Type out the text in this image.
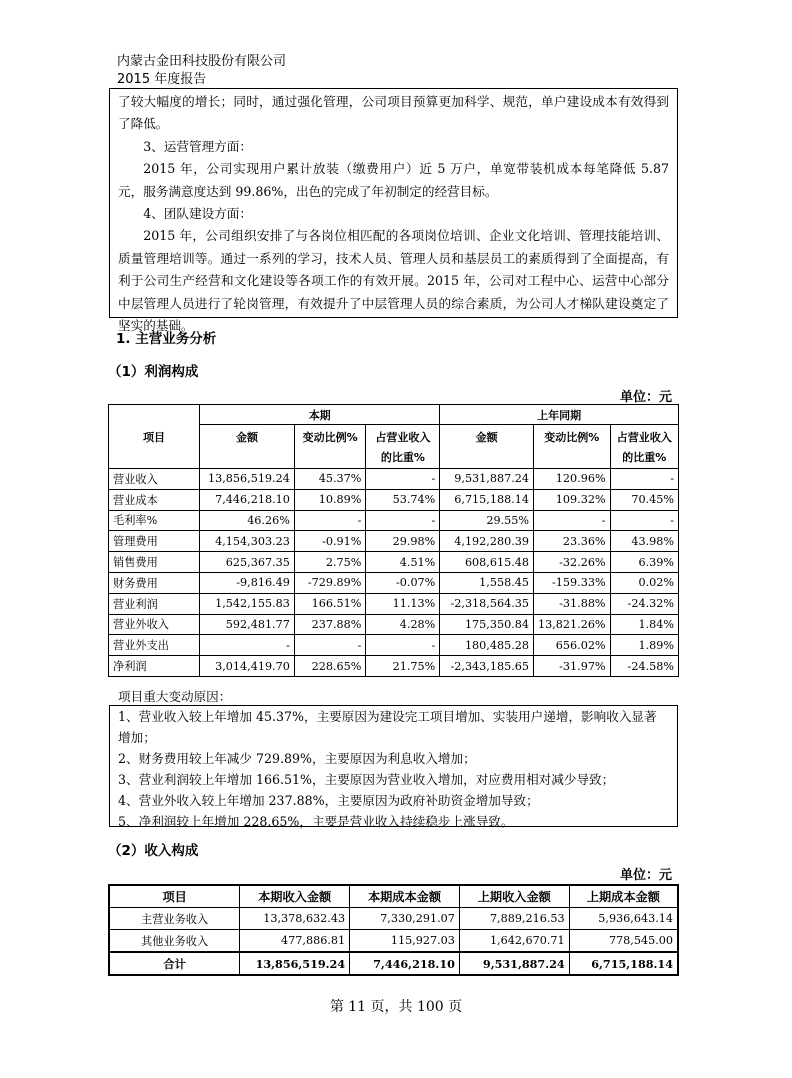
内蒙古金田科技股份有限公司
2015 年度报告

了较大幅度的增长；同时，通过强化管理，公司项目预算更加科学、规范，单户建设成本有效得到了降低。

3、运营管理方面：

2015 年，公司实现用户累计放装（缴费用户）近 5 万户，单宽带装机成本每笔降低 5.87 元，服务满意度达到 99.86%，出色的完成了年初制定的经营目标。

4、团队建设方面：

2015 年，公司组织安排了与各岗位相匹配的各项岗位培训、企业文化培训、管理技能培训、质量管理培训等。通过一系列的学习，技术人员、管理人员和基层员工的素质得到了全面提高，有利于公司生产经营和文化建设等各项工作的有效开展。2015 年，公司对工程中心、运营中心部分中层管理人员进行了轮岗管理，有效提升了中层管理人员的综合素质，为公司人才梯队建设奠定了坚实的基础。

1. 主营业务分析
（1）利润构成
单位：元
项目	本期			上年同期		
	金额	变动比例%	占营业收入的比重%	金额	变动比例%	占营业收入的比重%
营业收入	13,856,519.24	45.37%	-	9,531,887.24	120.96%	-
营业成本	7,446,218.10	10.89%	53.74%	6,715,188.14	109.32%	70.45%
毛利率%	46.26%	-	-	29.55%	-	-
管理费用	4,154,303.23	-0.91%	29.98%	4,192,280.39	23.36%	43.98%
销售费用	625,367.35	2.75%	4.51%	608,615.48	-32.26%	6.39%
财务费用	-9,816.49	-729.89%	-0.07%	1,558.45	-159.33%	0.02%
营业利润	1,542,155.83	166.51%	11.13%	-2,318,564.35	-31.88%	-24.32%
营业外收入	592,481.77	237.88%	4.28%	175,350.84	13,821.26%	1.84%
营业外支出	-	-	-	180,485.28	656.02%	1.89%
净利润	3,014,419.70	228.65%	21.75%	-2,343,185.65	-31.97%	-24.58%
项目重大变动原因：

1、营业收入较上年增加 45.37%，主要原因为建设完工项目增加、实装用户递增，影响收入显著增加；

2、财务费用较上年减少 729.89%，主要原因为利息收入增加；

3、营业利润较上年增加 166.51%，主要原因为营业收入增加，对应费用相对减少导致；

4、营业外收入较上年增加 237.88%，主要原因为政府补助资金增加导致；

5、净利润较上年增加 228.65%，主要是营业收入持续稳步上涨导致。

（2）收入构成
单位：元
项目	本期收入金额	本期成本金额	上期收入金额	上期成本金额
主营业务收入	13,378,632.43	7,330,291.07	7,889,216.53	5,936,643.14
其他业务收入	477,886.81	115,927.03	1,642,670.71	778,545.00
合计	13,856,519.24	7,446,218.10	9,531,887.24	6,715,188.14
第 11 页，共 100 页
